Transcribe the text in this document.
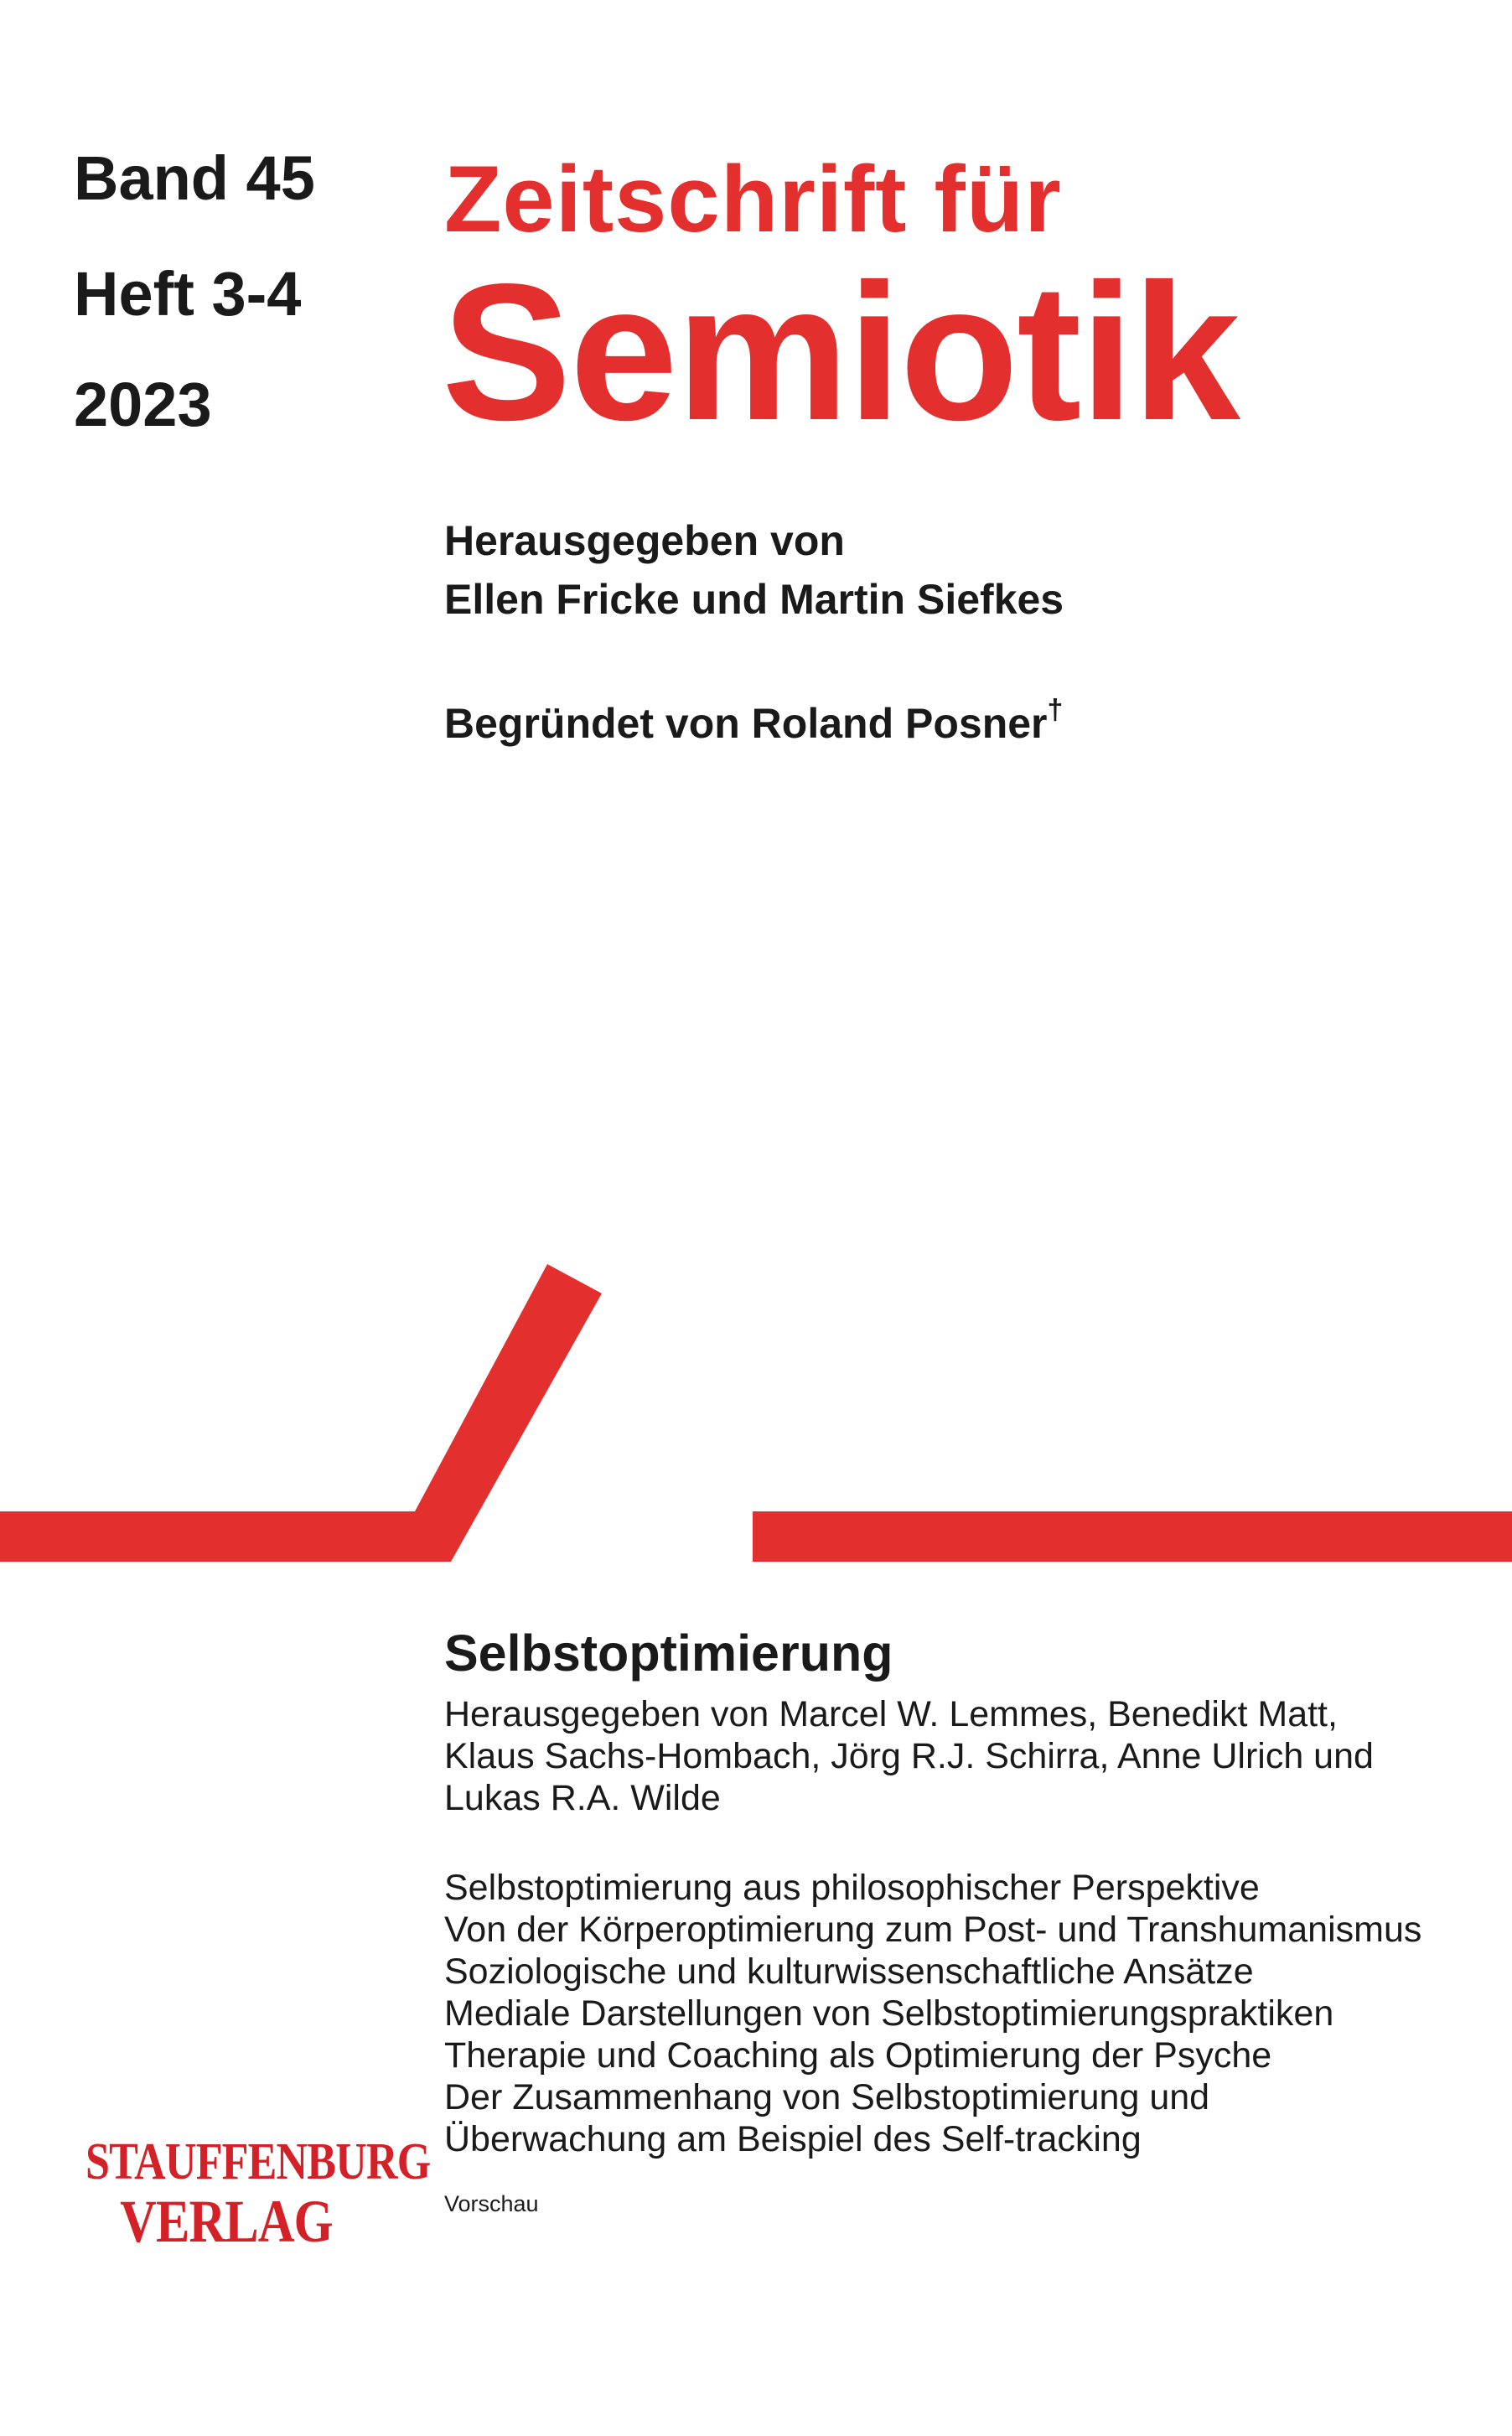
Band 45
Heft 3-4
2023
Zeitschrift für
Semiotik
Herausgegeben von
Ellen Fricke und Martin Siefkes
Begründet von Roland Posner†
Selbstoptimierung
Herausgegeben von Marcel W. Lemmes, Benedikt Matt,
Klaus Sachs-Hombach, Jörg R.J. Schirra, Anne Ulrich und
Lukas R.A. Wilde
Selbstoptimierung aus philosophischer Perspektive
Von der Körperoptimierung zum Post- und Transhumanismus
Soziologische und kulturwissenschaftliche Ansätze
Mediale Darstellungen von Selbstoptimierungspraktiken
Therapie und Coaching als Optimierung der Psyche
Der Zusammenhang von Selbstoptimierung und
Überwachung am Beispiel des Self-tracking
Vorschau
STAUFFENBURG
VERLAG
